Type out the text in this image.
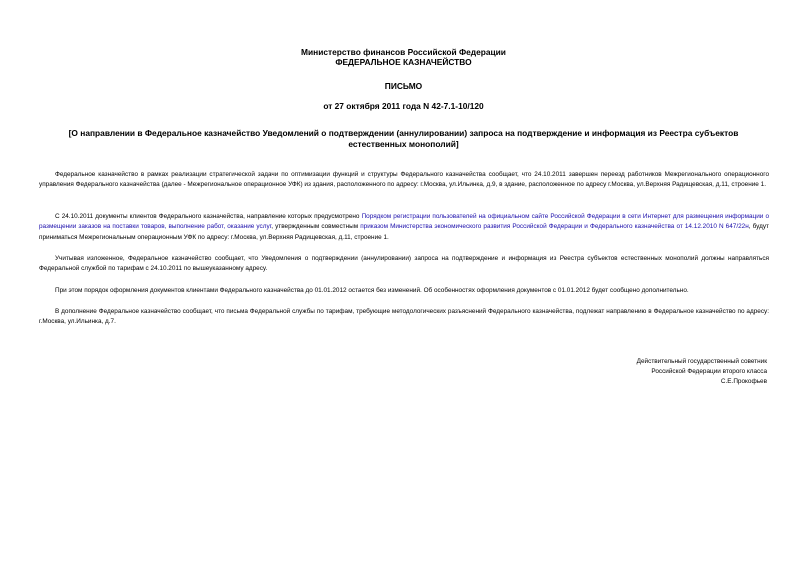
Министерство финансов Российской Федерации
ФЕДЕРАЛЬНОЕ КАЗНАЧЕЙСТВО
ПИСЬМО
от 27 октября 2011 года N 42-7.1-10/120
[О направлении в Федеральное казначейство Уведомлений о подтверждении (аннулировании) запроса на подтверждение и информация из Реестра субъектов естественных монополий]
Федеральное казначейство в рамках реализации стратегической задачи по оптимизации функций и структуры Федерального казначейства сообщает, что 24.10.2011 завершен переезд работников Межрегионального операционного управления Федерального казначейства (далее - Межрегиональное операционное УФК) из здания, расположенного по адресу: г.Москва, ул.Ильинка, д.9, в здание, расположенное по адресу г.Москва, ул.Верхняя Радищевская, д.11, строение 1.
С 24.10.2011 документы клиентов Федерального казначейства, направление которых предусмотрено Порядком регистрации пользователей на официальном сайте Российской Федерации в сети Интернет для размещения информации о размещении заказов на поставки товаров, выполнение работ, оказание услуг, утвержденным совместным приказом Министерства экономического развития Российской Федерации и Федерального казначейства от 14.12.2010 N 647/22н, будут приниматься Межрегиональным операционным УФК по адресу: г.Москва, ул.Верхняя Радищевская, д.11, строение 1.
Учитывая изложенное, Федеральное казначейство сообщает, что Уведомления о подтверждении (аннулировании) запроса на подтверждение и информация из Реестра субъектов естественных монополий должны направляться Федеральной службой по тарифам с 24.10.2011 по вышеуказанному адресу.
При этом порядок оформления документов клиентами Федерального казначейства до 01.01.2012 остается без изменений. Об особенностях оформления документов с 01.01.2012 будет сообщено дополнительно.
В дополнение Федеральное казначейство сообщает, что письма Федеральной службы по тарифам, требующие методологических разъяснений Федерального казначейства, подлежат направлению в Федеральное казначейство по адресу: г.Москва, ул.Ильинка, д.7.
Действительный государственный советник
Российской Федерации второго класса
С.Е.Прокофьев
